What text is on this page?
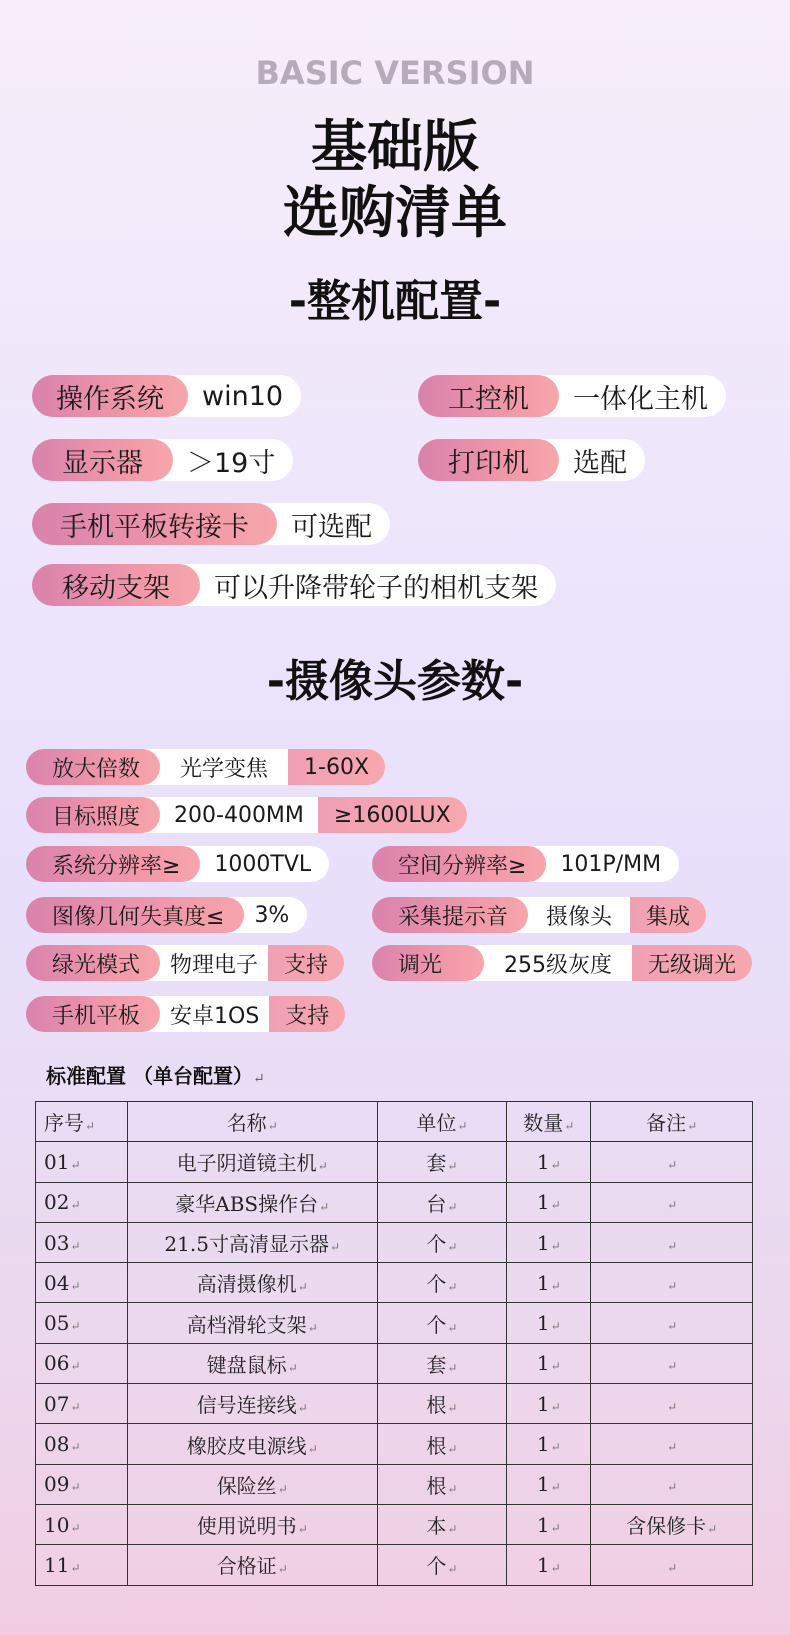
BASIC VERSION
基础版
选购清单
-整机配置-
操作系统	win10	工控机	一体化主机
显示器	＞19寸	打印机	选配
手机平板转接卡	可选配
移动支架	可以升降带轮子的相机支架
-摄像头参数-
放大倍数	光学变焦	1-60X
目标照度	200-400MM	≥1600LUX
系统分辨率≥	1000TVL	空间分辨率≥	101P/MM
图像几何失真度≤	3%	采集提示音	摄像头	集成
绿光模式	物理电子	支持	调光	255级灰度	无级调光
手机平板	安卓1OS	支持
标准配置 （单台配置）↵
序号↵	名称↵	单位↵	数量↵	备注↵
01↵	电子阴道镜主机↵	套↵	1↵	↵
02↵	豪华ABS操作台↵	台↵	1↵	↵
03↵	21.5寸高清显示器↵	个↵	1↵	↵
04↵	高清摄像机↵	个↵	1↵	↵
05↵	高档滑轮支架↵	个↵	1↵	↵
06↵	键盘鼠标↵	套↵	1↵	↵
07↵	信号连接线↵	根↵	1↵	↵
08↵	橡胶皮电源线↵	根↵	1↵	↵
09↵	保险丝↵	根↵	1↵	↵
10↵	使用说明书↵	本↵	1↵	含保修卡↵
11↵	合格证↵	个↵	1↵	↵
